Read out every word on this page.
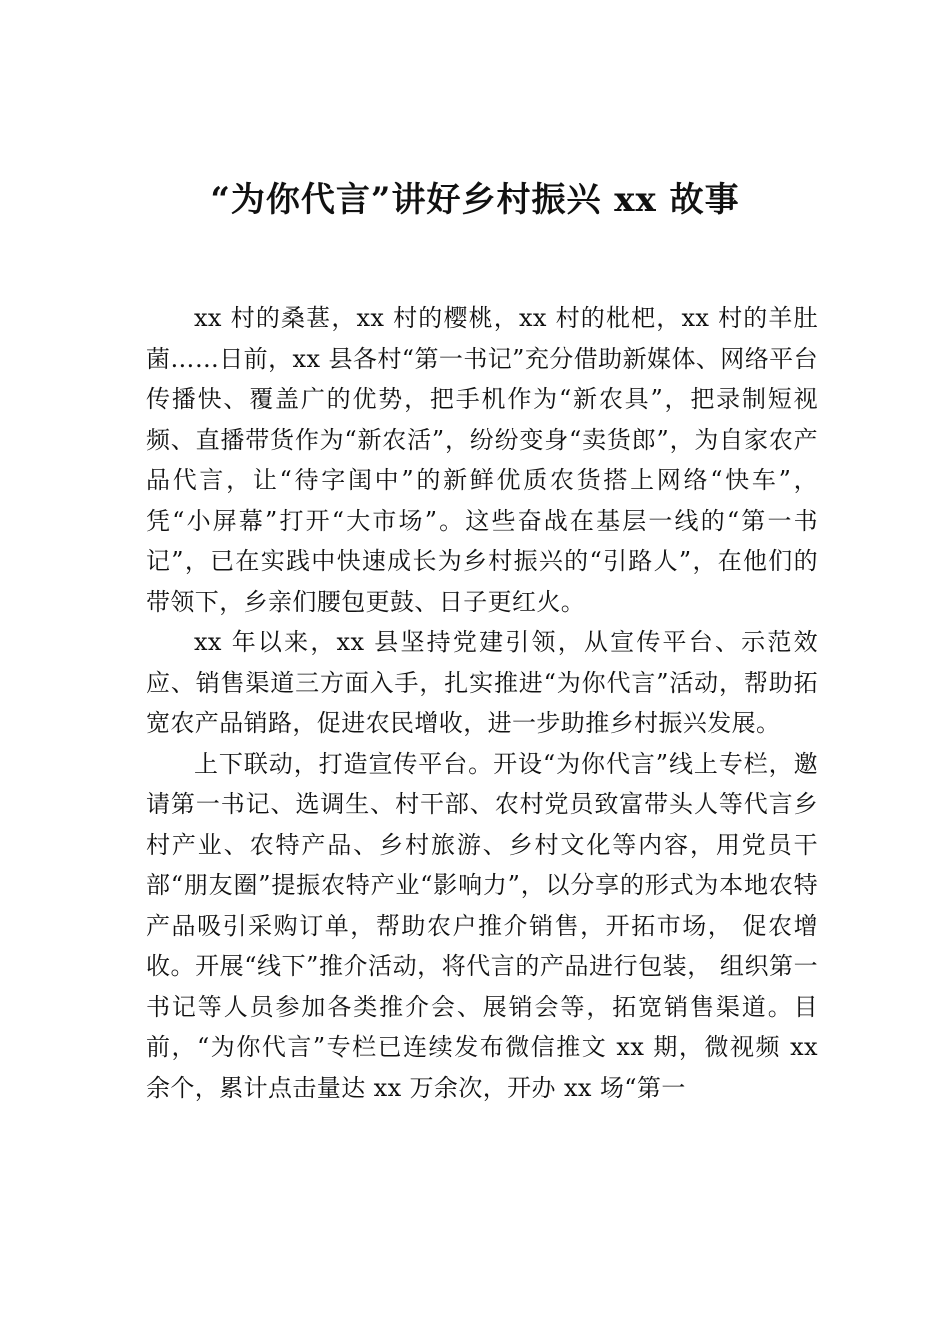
“为你代言”讲好乡村振兴 xx 故事

xx 村的桑葚，xx 村的樱桃，xx 村的枇杷，xx 村的羊肚菌……日前，xx 县各村“第一书记”充分借助新媒体、网络平台传播快、覆盖广的优势，把手机作为“新农具”，把录制短视频、直播带货作为“新农活”，纷纷变身“卖货郎”，为自家农产品代言，让“待字闺中”的新鲜优质农货搭上网络“快车”，凭“小屏幕”打开“大市场”。这些奋战在基层一线的“第一书记”，已在实践中快速成长为乡村振兴的“引路人”，在他们的带领下，乡亲们腰包更鼓、日子更红火。

xx 年以来，xx 县坚持党建引领，从宣传平台、示范效应、销售渠道三方面入手，扎实推进“为你代言”活动，帮助拓宽农产品销路，促进农民增收，进一步助推乡村振兴发展。

上下联动，打造宣传平台。开设“为你代言”线上专栏，邀请第一书记、选调生、村干部、农村党员致富带头人等代言乡村产业、农特产品、乡村旅游、乡村文化等内容，用党员干部“朋友圈”提振农特产业“影响力”，以分享的形式为本地农特产品吸引采购订单，帮助农户推介销售，开拓市场， 促农增收。开展“线下”推介活动，将代言的产品进行包装， 组织第一书记等人员参加各类推介会、展销会等，拓宽销售渠道。目前，“为你代言”专栏已连续发布微信推文 xx 期，微视频 xx 余个，累计点击量达 xx 万余次，开办 xx 场“第一
